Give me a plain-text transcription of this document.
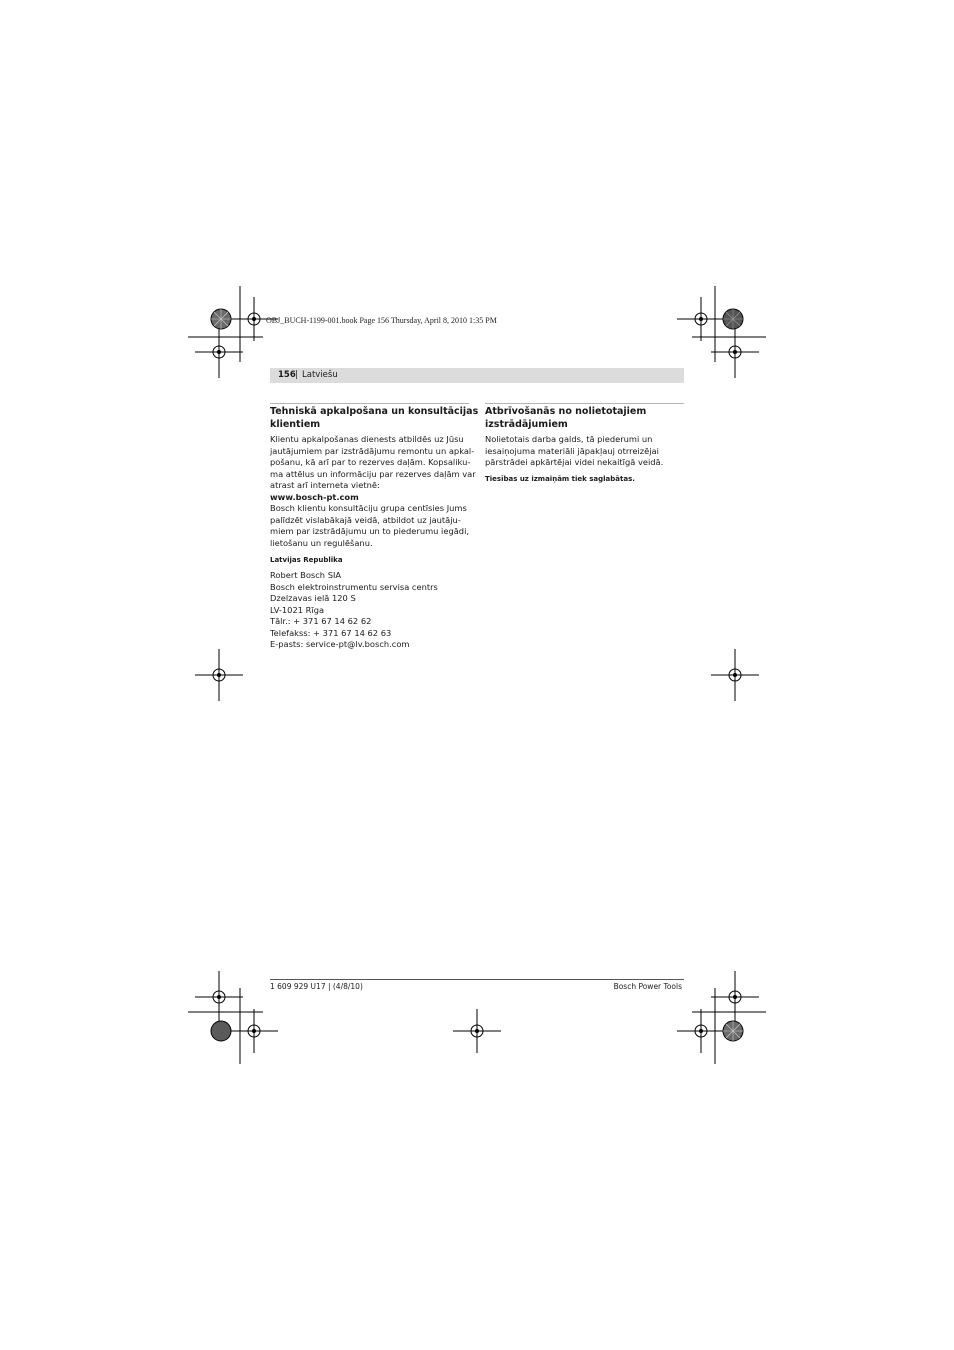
OBJ_BUCH-1199-001.book Page 156 Thursday, April 8, 2010 1:35 PM
156 | Latviešu
Tehniskā apkalpošana un konsultācijas
klientiem
Klientu apkalpošanas dienests atbildēs uz Jūsu
jautājumiem par izstrādājumu remontu un apkal-
pošanu, kā arī par to rezerves daļām. Kopsaliku-
ma attēlus un informāciju par rezerves daļām var
atrast arī interneta vietnē:
www.bosch-pt.com
Bosch klientu konsultāciju grupa centīsies Jums
palīdzēt vislabākajā veidā, atbildot uz jautāju-
miem par izstrādājumu un to piederumu iegādi,
lietošanu un regulēšanu.
Latvijas Republika
Robert Bosch SIA
Bosch elektroinstrumentu servisa centrs
Dzelzavas ielā 120 S
LV-1021 Rīga
Tālr.: + 371 67 14 62 62
Telefakss: + 371 67 14 62 63
E-pasts: service-pt@lv.bosch.com
Atbrīvošanās no nolietotajiem
izstrādājumiem
Nolietotais darba galds, tā piederumi un
iesaiņojuma materiāli jāpakļauj otrreizējai
pārstrādei apkārtējai videi nekaitīgā veidā.
Tiesības uz izmaiņām tiek saglabātas.
1 609 929 U17 | (4/8/10)	Bosch Power Tools
